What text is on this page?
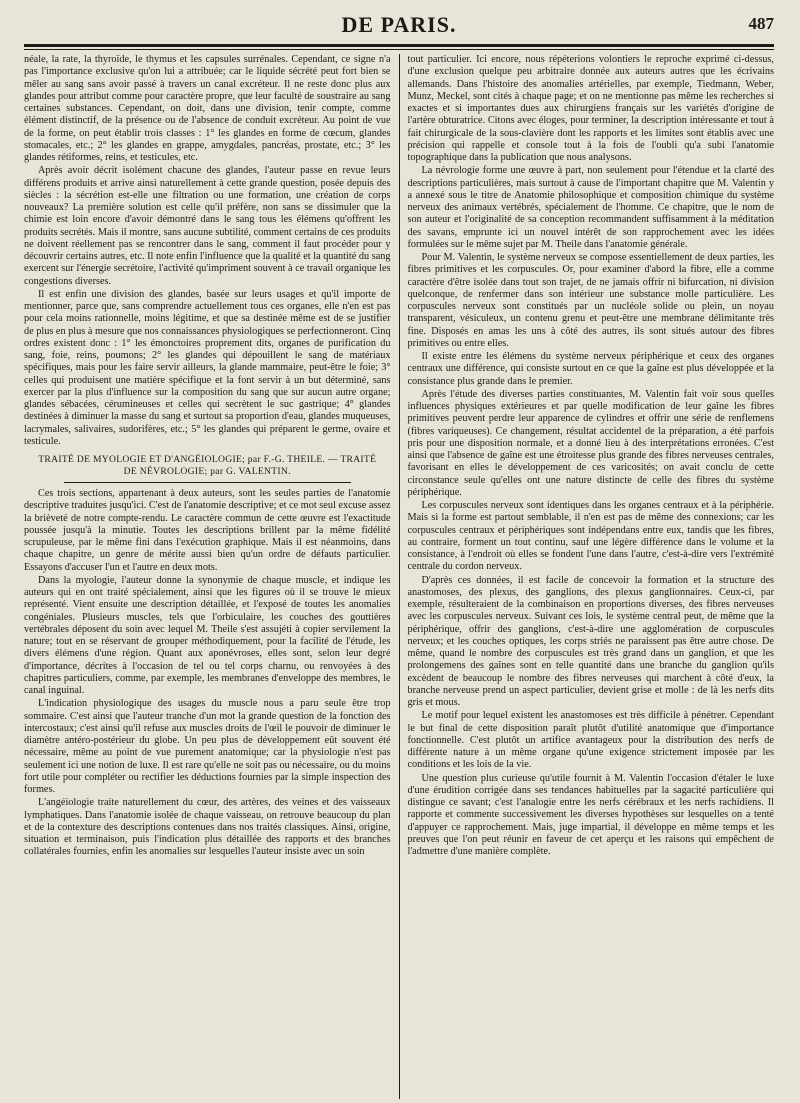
DE PARIS.	487

néale, la rate, la thyroïde, le thymus et les capsules surrénales. Cependant, ce signe n'a pas l'importance exclusive qu'on lui a attribuée; car le liquide sécrété peut fort bien se mêler au sang sans avoir passé à travers un canal excréteur. Il ne reste donc plus aux glandes pour attribut comme pour caractère propre, que leur faculté de soustraire au sang certaines substances. Cependant, on doit, dans une division, tenir compte, comme élément distinctif, de la présence ou de l'absence de conduit excréteur. Au point de vue de la forme, on peut établir trois classes : 1° les glandes en forme de cœcum, glandes stomacales, etc.; 2° les glandes en grappe, amygdales, pancréas, prostate, etc.; 3° les glandes rétiformes, reins, et testicules, etc.

Après avoir décrit isolément chacune des glandes, l'auteur passe en revue leurs différens produits et arrive ainsi naturellement à cette grande question, posée depuis des siècles : la sécrétion est-elle une filtration ou une formation, une création de corps nouveaux? La première solution est celle qu'il préfère, non sans se dissimuler que la chimie est loin encore d'avoir démontré dans le sang tous les élémens qu'offrent les produits secrétés. Mais il montre, sans aucune subtilité, comment certains de ces produits ne doivent réellement pas se rencontrer dans le sang, comment il faut procéder pour y découvrir certains autres, etc. Il note enfin l'influence que la qualité et la quantité du sang exercent sur l'énergie secrétoire, l'activité qu'impriment souvent à ce travail organique les congestions diverses.

Il est enfin une division des glandes, basée sur leurs usages et qu'il importe de mentionner, parce que, sans comprendre actuellement tous ces organes, elle n'en est pas pour cela moins rationnelle, moins légitime, et que sa destinée même est de se justifier de plus en plus à mesure que nos connaissances physiologiques se perfectionneront. Cinq ordres existent donc : 1° les émonctoires proprement dits, organes de purification du sang, foie, reins, poumons; 2° les glandes qui dépouillent le sang de matériaux spécifiques, mais pour les faire servir ailleurs, la glande mammaire, peut-être le foie; 3° celles qui produisent une matière spécifique et la font servir à un but déterminé, sans exercer par la plus d'influence sur la composition du sang que sur aucun autre organe; glandes sébacées, cérumineuses et celles qui secrètent le suc gastrique; 4° glandes destinées à diminuer la masse du sang et surtout sa proportion d'eau, glandes muqueuses, lacrymales, salivaires, sudorifères, etc.; 5° les glandes qui préparent le germe, ovaire et testicule.

TRAITÉ DE MYOLOGIE ET D'ANGÉIOLOGIE; par F.-G. THEILE. — TRAITÉ
DE NÉVROLOGIE; par G. VALENTIN.

Ces trois sections, appartenant à deux auteurs, sont les seules parties de l'anatomie descriptive traduites jusqu'ici. C'est de l'anatomie descriptive; et ce mot seul excuse assez la brièveté de notre compte-rendu. Le caractère commun de cette œuvre est l'exactitude poussée jusqu'à la minutie. Toutes les descriptions brillent par la même fidélité scrupuleuse, par le même fini dans l'exécution graphique. Mais il est néanmoins, dans chaque chapitre, un genre de mérite aussi bien qu'un ordre de défauts particulier. Essayons d'accuser l'un et l'autre en deux mots.

Dans la myologie, l'auteur donne la synonymie de chaque muscle, et indique les auteurs qui en ont traité spécialement, ainsi que les figures où il se trouve le mieux représenté. Vient ensuite une description détaillée, et l'exposé de toutes les anomalies congéniales. Plusieurs muscles, tels que l'orbiculaire, les couches des gouttières vertébrales déposent du soin avec lequel M. Theile s'est assujéti à copier servilement la nature; tout en se réservant de grouper méthodiquement, pour la facilité de l'étude, les divers élémens d'une région. Quant aux aponévroses, elles sont, selon leur degré d'importance, décrites à l'occasion de tel ou tel corps charnu, ou renvoyées à des chapitres particuliers, comme, par exemple, les membranes d'enveloppe des membres, le canal inguinal.

L'indication physiologique des usages du muscle nous a paru seule être trop sommaire. C'est ainsi que l'auteur tranche d'un mot la grande question de la fonction des intercostaux; c'est ainsi qu'il refuse aux muscles droits de l'œil le pouvoir de diminuer le diamètre antéro-postérieur du globe. Un peu plus de développement eût souvent été nécessaire, même au point de vue purement anatomique; car la physiologie n'est pas seulement ici une notion de luxe. Il est rare qu'elle ne soit pas ou nécessaire, ou du moins fort utile pour compléter ou rectifier les déductions fournies par la simple inspection des formes.

L'angéiologie traite naturellement du cœur, des artères, des veines et des vaisseaux lymphatiques. Dans l'anatomie isolée de chaque vaisseau, on retrouve beaucoup du plan et de la contexture des descriptions contenues dans nos traités classiques. Ainsi, origine, situation et terminaison, puis l'indication plus détaillée des rapports et des branches collatérales fournies, enfin les anomalies sur lesquelles l'auteur insiste avec un soin

tout particulier. Ici encore, nous répéterions volontiers le reproche exprimé ci-dessus, d'une exclusion quelque peu arbitraire donnée aux auteurs autres que les écrivains allemands. Dans l'histoire des anomalies artérielles, par exemple, Tiedmann, Weber, Munz, Meckel, sont cités à chaque page; et on ne mentionne pas même les recherches si exactes et si importantes dues aux chirurgiens français sur les variétés d'origine de l'artère obturatrice. Citons avec éloges, pour terminer, la description intéressante et tout à fait chirurgicale de la sous-clavière dont les rapports et les limites sont établis avec une précision qui rappelle et console tout à la fois de l'oubli qu'a subi l'anatomie topographique dans la publication que nous analysons.

La névrologie forme une œuvre à part, non seulement pour l'étendue et la clarté des descriptions particulières, mais surtout à cause de l'important chapitre que M. Valentin y a annexé sous le titre de Anatomie philosophique et composition chimique du système nerveux des animaux vertébrés, spécialement de l'homme. Ce chapitre, que le nom de son auteur et l'originalité de sa conception recommandent suffisamment à la méditation des savans, emprunte ici un nouvel intérêt de son rapprochement avec les idées formulées sur le même sujet par M. Theile dans l'anatomie générale.

Pour M. Valentin, le système nerveux se compose essentiellement de deux parties, les fibres primitives et les corpuscules. Or, pour examiner d'abord la fibre, elle a comme caractère d'être isolée dans tout son trajet, de ne jamais offrir ni bifurcation, ni division quelconque, de renfermer dans son intérieur une substance molle particulière. Les corpuscules nerveux sont constitués par un nucléole solide ou plein, un noyau transparent, vésiculeux, un contenu grenu et peut-être une membrane délimitante très fine. Disposés en amas les uns à côté des autres, ils sont situés autour des fibres primitives ou entre elles.

Il existe entre les élémens du système nerveux périphérique et ceux des organes centraux une différence, qui consiste surtout en ce que la gaîne est plus développée et la consistance plus grande dans le premier.

Après l'étude des diverses parties constituantes, M. Valentin fait voir sous quelles influences physiques extérieures et par quelle modification de leur gaîne les fibres primitives peuvent perdre leur apparence de cylindres et offrir une série de renflemens (fibres variqueuses). Ce changement, résultat accidentel de la préparation, a été parfois pris pour une disposition normale, et a donné lieu à des interprétations erronées. C'est ainsi que l'absence de gaîne est une étroitesse plus grande des fibres nerveuses centrales, favorisant en elles le développement de ces varicosités; on avait conclu de cette circonstance seule qu'elles ont une nature distincte de celle des fibres du système périphérique.

Les corpuscules nerveux sont identiques dans les organes centraux et à la périphérie. Mais si la forme est partout semblable, il n'en est pas de même des connexions; car les corpuscules centraux et périphériques sont indépendans entre eux, tandis que les fibres, au contraire, forment un tout continu, sauf une légère différence dans le volume et la consistance, à l'endroit où elles se fondent l'une dans l'autre, c'est-à-dire vers l'extrémité centrale du cordon nerveux.

D'après ces données, il est facile de concevoir la formation et la structure des anastomoses, des plexus, des ganglions, des plexus ganglionnaires. Ceux-ci, par exemple, résulteraient de la combinaison en proportions diverses, des fibres nerveuses avec les corpuscules nerveux. Suivant ces lois, le système central peut, de même que la périphérique, offrir des ganglions, c'est-à-dire une agglomération de corpuscules nerveux; et les couches optiques, les corps striés ne paraissent pas être autre chose. De même, quand le nombre des corpuscules est très grand dans un ganglion, et que les prolongemens des gaînes sont en telle quantité dans une branche du ganglion qu'ils excèdent de beaucoup le nombre des fibres nerveuses qui marchent à côté d'eux, la branche nerveuse prend un aspect particulier, devient grise et molle : de là les nerfs dits gris et mous.

Le motif pour lequel existent les anastomoses est très difficile à pénétrer. Cependant le but final de cette disposition paraît plutôt d'utilité anatomique que d'importance fonctionnelle. C'est plutôt un artifice avantageux pour la distribution des nerfs de différente nature à un même organe qu'une exigence strictement imposée par les conditions et les lois de la vie.

Une question plus curieuse qu'utile fournit à M. Valentin l'occasion d'étaler le luxe d'une érudition corrigée dans ses tendances habituelles par la sagacité particulière qui distingue ce savant; c'est l'analogie entre les nerfs cérébraux et les nerfs rachidiens. Il rapporte et commente successivement les diverses hypothèses sur lesquelles on a tenté d'appuyer ce rapprochement. Mais, juge impartial, il développe en même temps et les preuves que l'on peut réunir en faveur de cet aperçu et les raisons qui empêchent de l'admettre d'une manière complète.
